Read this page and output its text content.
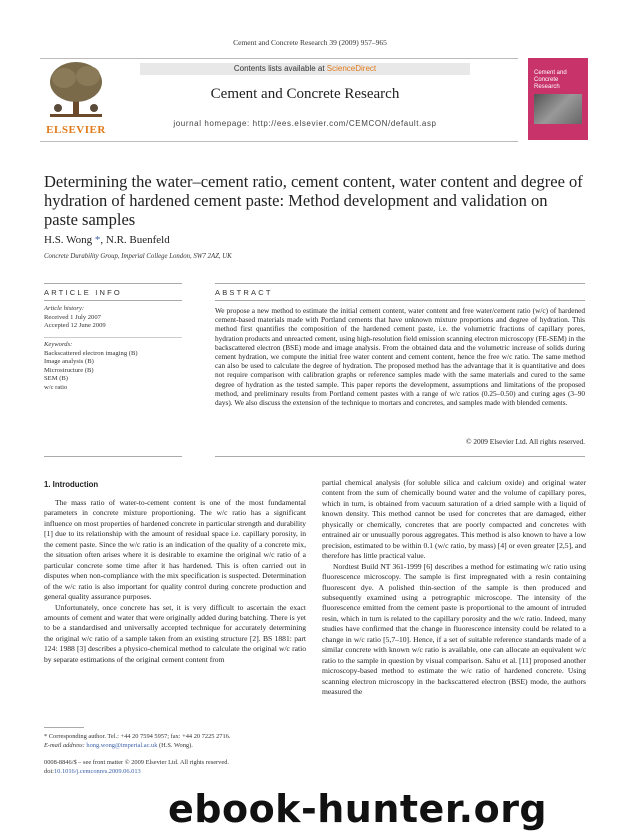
Cement and Concrete Research 39 (2009) 957–965
ELSEVIER
Contents lists available at ScienceDirect
Cement and Concrete Research
journal homepage: http://ees.elsevier.com/CEMCON/default.asp
Cement and
Concrete
Research
Determining the water–cement ratio, cement content, water content and degree of hydration of hardened cement paste: Method development and validation on paste samples
H.S. Wong *, N.R. Buenfeld
Concrete Durability Group, Imperial College London, SW7 2AZ, UK
ARTICLE INFO	ABSTRACT
Article history:
Received 1 July 2007
Accepted 12 June 2009
Keywords:
Backscattered electron imaging (B)
Image analysis (B)
Microstructure (B)
SEM (B)
w/c ratio
We propose a new method to estimate the initial cement content, water content and free water/cement ratio (w/c) of hardened cement-based materials made with Portland cements that have unknown mixture proportions and degree of hydration. This method first quantifies the composition of the hardened cement paste, i.e. the volumetric fractions of capillary pores, hydration products and unreacted cement, using high-resolution field emission scanning electron microscopy (FE-SEM) in the backscattered electron (BSE) mode and image analysis. From the obtained data and the volumetric increase of solids during cement hydration, we compute the initial free water content and cement content, hence the free w/c ratio. The same method can also be used to calculate the degree of hydration. The proposed method has the advantage that it is quantitative and does not require comparison with calibration graphs or reference samples made with the same materials and cured to the same degree of hydration as the tested sample. This paper reports the development, assumptions and limitations of the proposed method, and preliminary results from Portland cement pastes with a range of w/c ratios (0.25–0.50) and curing ages (3–90 days). We also discuss the extension of the technique to mortars and concretes, and samples made with blended cements.
© 2009 Elsevier Ltd. All rights reserved.
1. Introduction

The mass ratio of water-to-cement content is one of the most fundamental parameters in concrete mixture proportioning. The w/c ratio has a significant influence on most properties of hardened concrete in particular strength and durability [1] due to its relationship with the amount of residual space i.e. capillary porosity, in the cement paste. Since the w/c ratio is an indication of the quality of a concrete mix, the situation often arises where it is desirable to examine the original w/c ratio of a particular concrete some time after it has hardened. This is often carried out in disputes when non-compliance with the mix specification is suspected. Determination of the w/c ratio is also important for quality control during concrete production and general quality assurance purposes.

Unfortunately, once concrete has set, it is very difficult to ascertain the exact amounts of cement and water that were originally added during batching. There is yet to be a standardised and universally accepted technique for accurately determining the original w/c ratio of a sample taken from an existing structure [2]. BS 1881: part 124: 1988 [3] describes a physico-chemical method to calculate the original w/c ratio by separate estimations of the original cement content from

* Corresponding author. Tel.: +44 20 7594 5957; fax: +44 20 7225 2716.
E-mail address: hong.wong@imperial.ac.uk (H.S. Wong).
0008-8846/$ – see front matter © 2009 Elsevier Ltd. All rights reserved.
doi:10.1016/j.cemconres.2009.06.013

partial chemical analysis (for soluble silica and calcium oxide) and original water content from the sum of chemically bound water and the volume of capillary pores, which in turn, is obtained from vacuum saturation of a dried sample with a liquid of known density. This method cannot be used for concretes that are damaged, either physically or chemically, concretes that are poorly compacted and concretes with entrained air or unusually porous aggregates. This method is also known to have a low precision, estimated to be within 0.1 (w/c ratio, by mass) [4] or even greater [2,5], and therefore has little practical value.

Nordtest Build NT 361-1999 [6] describes a method for estimating w/c ratio using fluorescence microscopy. The sample is first impregnated with a resin containing fluorescent dye. A polished thin-section of the sample is then produced and subsequently examined using a petrographic microscope. The intensity of the fluorescence emitted from the cement paste is proportional to the amount of intruded resin, which in turn is related to the capillary porosity and the w/c ratio. Indeed, many studies have confirmed that the change in fluorescence intensity could be related to a change in w/c ratio [5,7–10]. Hence, if a set of suitable reference standards made of a similar concrete with known w/c ratio is available, one can allocate an equivalent w/c ratio to the sample in question by visual comparison. Sahu et al. [11] proposed another microscopy-based method to estimate the w/c ratio of hardened concrete. Using scanning electron microscopy in the backscattered electron (BSE) mode, the authors measured the

ebook-hunter.org
